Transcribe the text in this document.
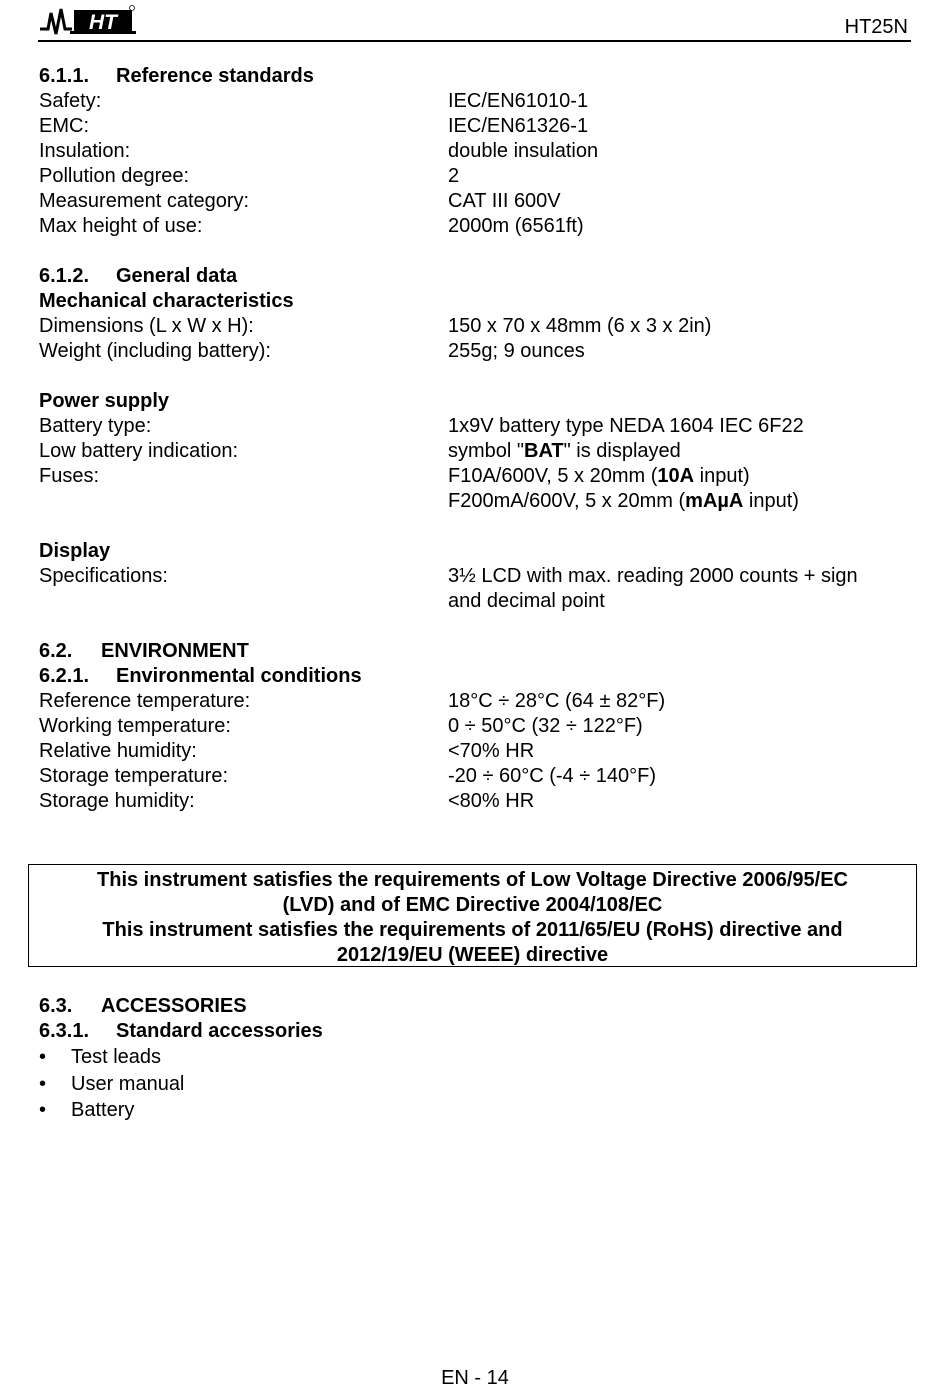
HT	HT25N
6.1.1. Reference standards
Safety:	IEC/EN61010-1
EMC:	IEC/EN61326-1
Insulation:	double insulation
Pollution degree:	2
Measurement category:	CAT III 600V
Max height of use:	2000m (6561ft)
6.1.2. General data
Mechanical characteristics
Dimensions (L x W x H):	150 x 70 x 48mm (6 x 3 x 2in)
Weight (including battery):	255g; 9 ounces
Power supply
Battery type:	1x9V battery type NEDA 1604 IEC 6F22
Low battery indication:	symbol "BAT" is displayed
Fuses:	F10A/600V, 5 x 20mm (10A input)
F200mA/600V, 5 x 20mm (mAµA input)
Display
Specifications:	3½ LCD with max. reading 2000 counts + sign
and decimal point
6.2. ENVIRONMENT
6.2.1. Environmental conditions
Reference temperature:	18°C ÷ 28°C (64 ± 82°F)
Working temperature:	0 ÷ 50°C (32 ÷ 122°F)
Relative humidity:	<70% HR
Storage temperature:	-20 ÷ 60°C (-4 ÷ 140°F)
Storage humidity:	<80% HR
This instrument satisfies the requirements of Low Voltage Directive 2006/95/EC
(LVD) and of EMC Directive 2004/108/EC
This instrument satisfies the requirements of 2011/65/EU (RoHS) directive and
2012/19/EU (WEEE) directive
6.3. ACCESSORIES
6.3.1. Standard accessories
• Test leads
• User manual
• Battery
EN - 14
